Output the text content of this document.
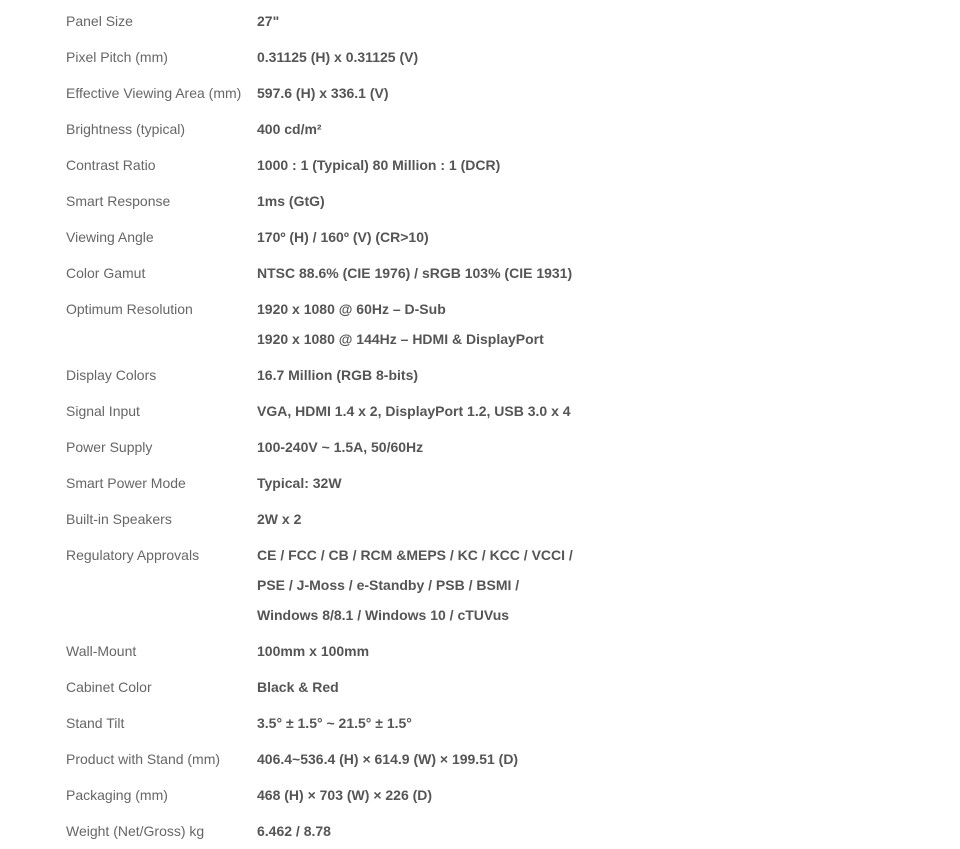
Panel Size	27"
Pixel Pitch (mm)	0.31125 (H) x 0.31125 (V)
Effective Viewing Area (mm)	597.6 (H) x 336.1 (V)
Brightness (typical)	400 cd/m²
Contrast Ratio	1000 : 1 (Typical) 80 Million : 1 (DCR)
Smart Response	1ms (GtG)
Viewing Angle	170º (H) / 160º (V) (CR>10)
Color Gamut	NTSC 88.6% (CIE 1976) / sRGB 103% (CIE 1931)
Optimum Resolution	1920 x 1080 @ 60Hz – D-Sub
1920 x 1080 @ 144Hz – HDMI & DisplayPort
Display Colors	16.7 Million (RGB 8-bits)
Signal Input	VGA, HDMI 1.4 x 2, DisplayPort 1.2, USB 3.0 x 4
Power Supply	100-240V ~ 1.5A, 50/60Hz
Smart Power Mode	Typical: 32W
Built-in Speakers	2W x 2
Regulatory Approvals	CE / FCC / CB / RCM &MEPS / KC / KCC / VCCI /
PSE / J-Moss / e-Standby / PSB / BSMI /
Windows 8/8.1 / Windows 10 / cTUVus
Wall-Mount	100mm x 100mm
Cabinet Color	Black & Red
Stand Tilt	3.5° ± 1.5° ~ 21.5° ± 1.5°
Product with Stand (mm)	406.4~536.4 (H) × 614.9 (W) × 199.51 (D)
Packaging (mm)	468 (H) × 703 (W) × 226 (D)
Weight (Net/Gross) kg	6.462 / 8.78
